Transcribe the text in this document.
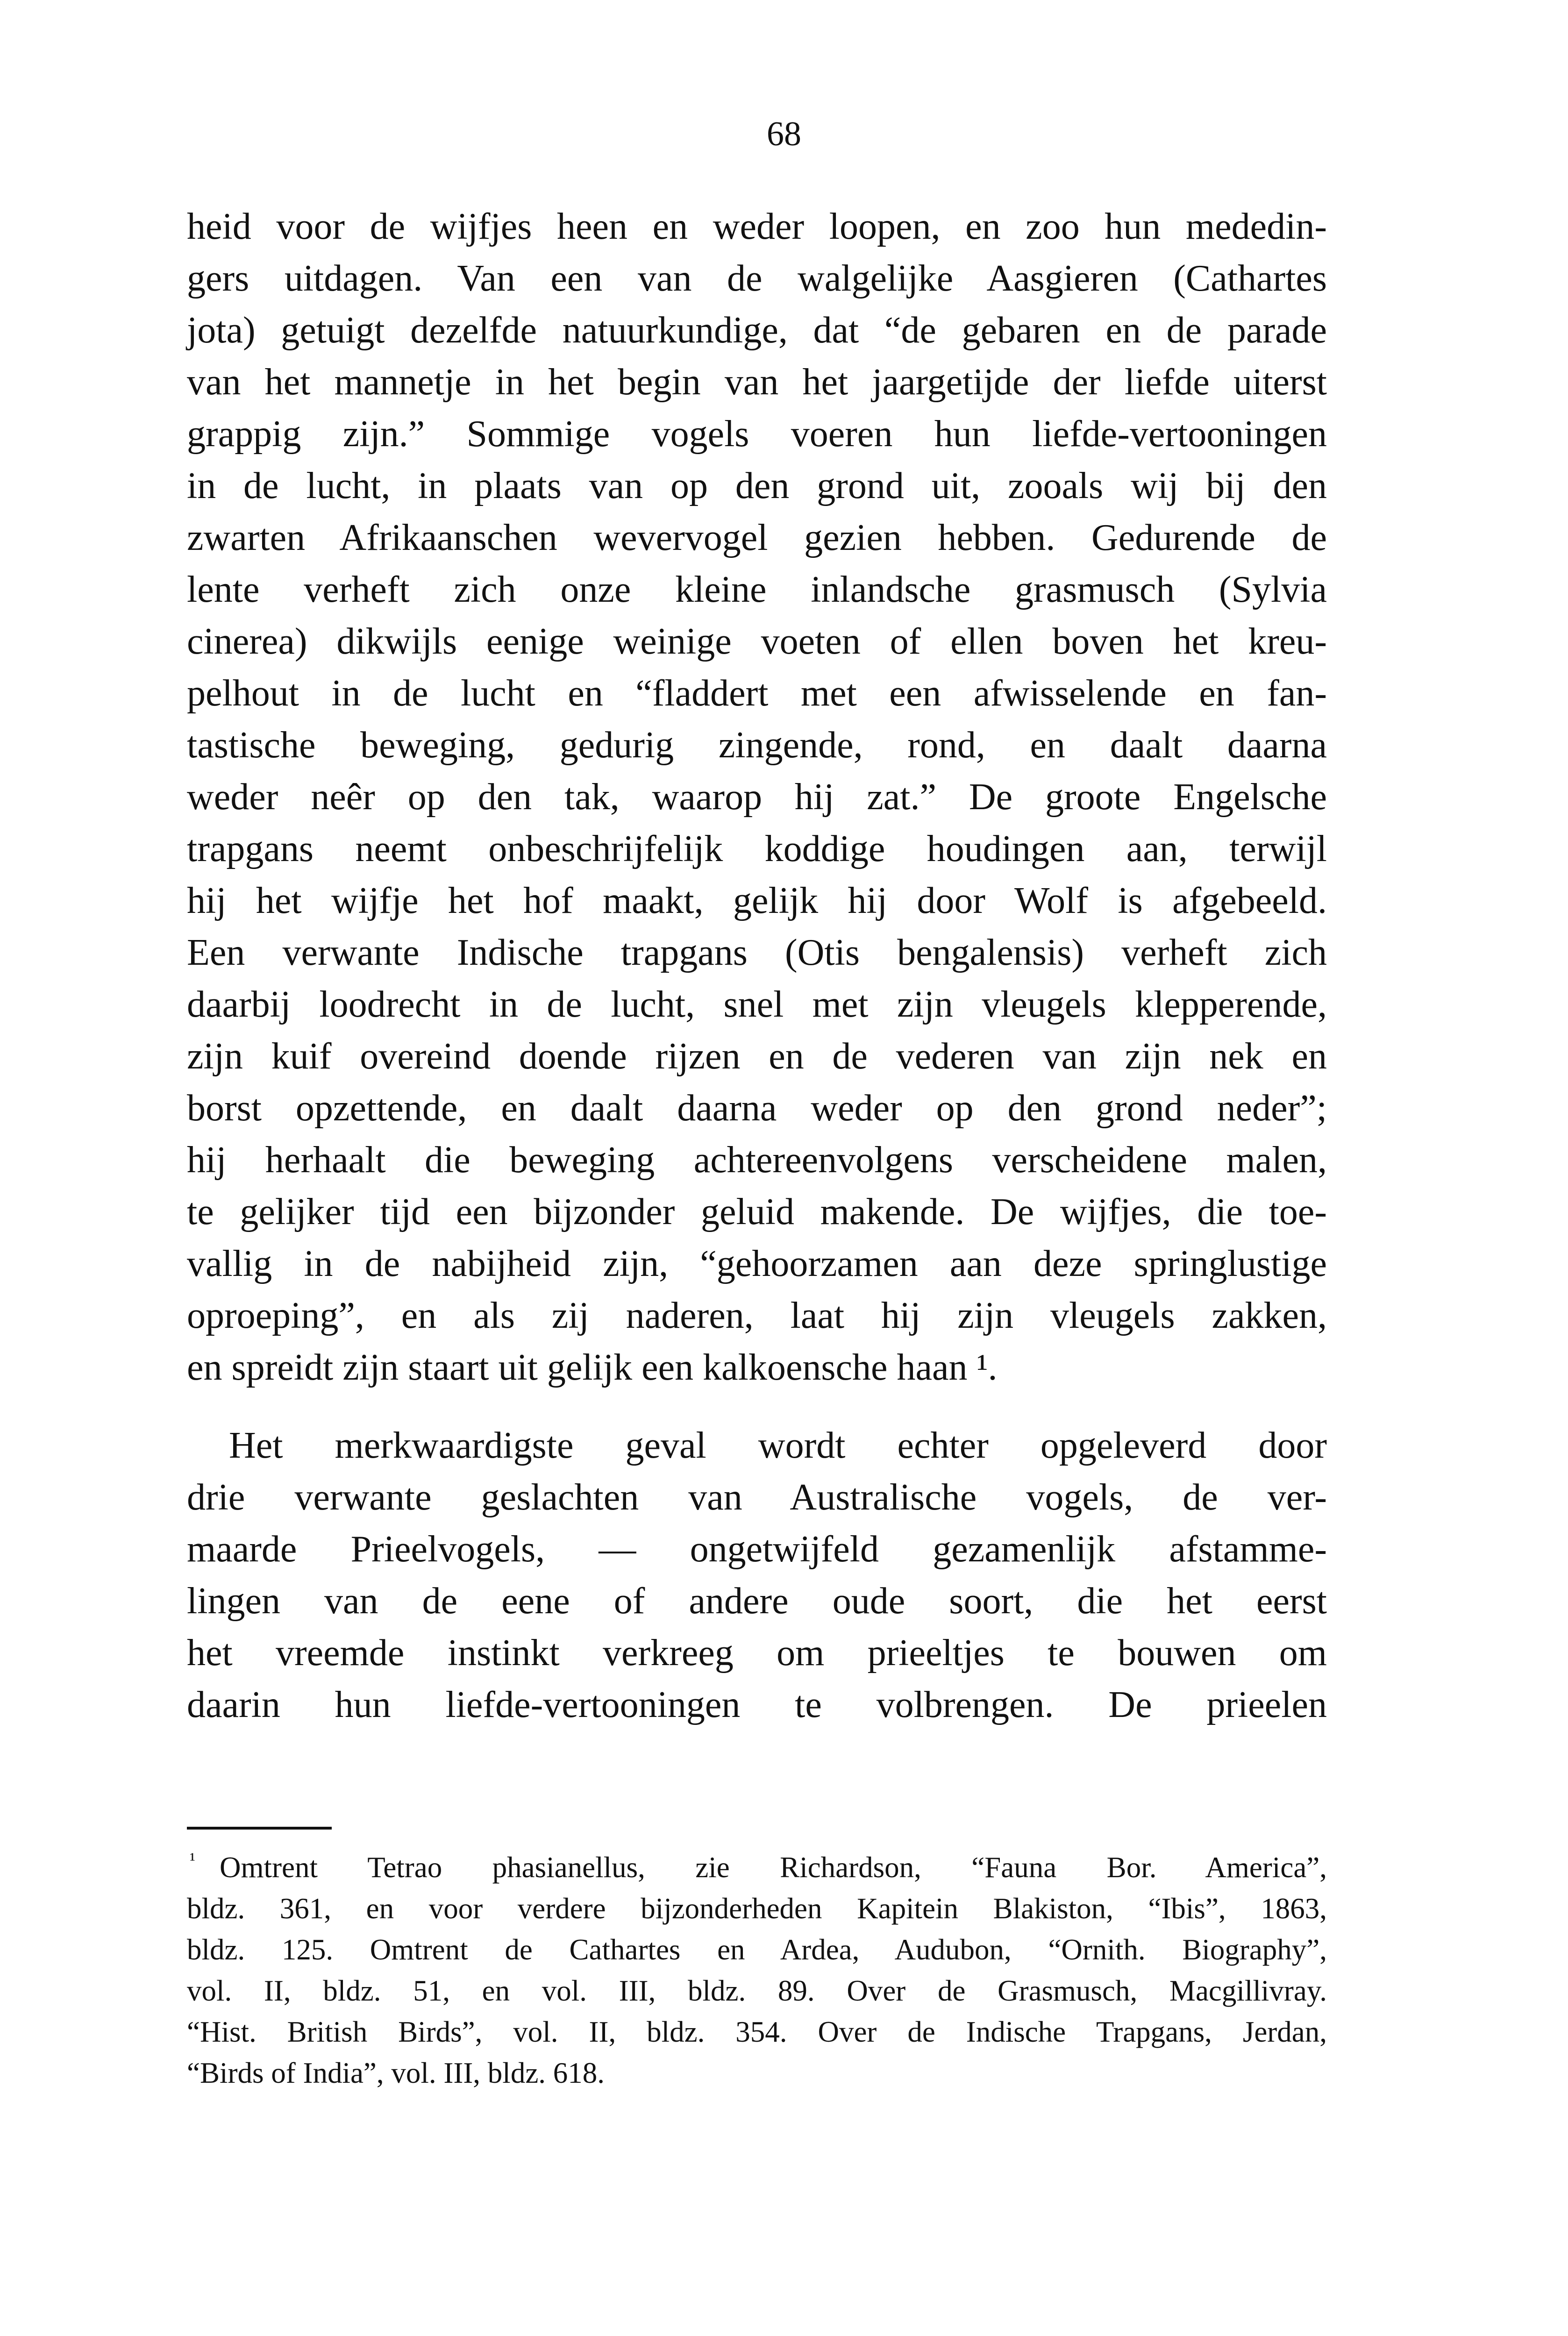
68
heid voor de wijfjes heen en weder loopen, en zoo hun mededin-
gers uitdagen. Van een van de walgelijke Aasgieren (Cathartes
jota) getuigt dezelfde natuurkundige, dat “de gebaren en de parade
van het mannetje in het begin van het jaargetijde der liefde uiterst
grappig zijn.” Sommige vogels voeren hun liefde-vertooningen
in de lucht, in plaats van op den grond uit, zooals wij bij den
zwarten Afrikaanschen wevervogel gezien hebben. Gedurende de
lente verheft zich onze kleine inlandsche grasmusch (Sylvia
cinerea) dikwijls eenige weinige voeten of ellen boven het kreu-
pelhout in de lucht en “fladdert met een afwisselende en fan-
tastische beweging, gedurig zingende, rond, en daalt daarna
weder neêr op den tak, waarop hij zat.” De groote Engelsche
trapgans neemt onbeschrijfelijk koddige houdingen aan, terwijl
hij het wijfje het hof maakt, gelijk hij door Wolf is afgebeeld.
Een verwante Indische trapgans (Otis bengalensis) verheft zich
daarbij loodrecht in de lucht, snel met zijn vleugels klepperende,
zijn kuif overeind doende rijzen en de vederen van zijn nek en
borst opzettende, en daalt daarna weder op den grond neder”;
hij herhaalt die beweging achtereenvolgens verscheidene malen,
te gelijker tijd een bijzonder geluid makende. De wijfjes, die toe-
vallig in de nabijheid zijn, “gehoorzamen aan deze springlustige
oproeping”, en als zij naderen, laat hij zijn vleugels zakken,
en spreidt zijn staart uit gelijk een kalkoensche haan ¹.
Het merkwaardigste geval wordt echter opgeleverd door
drie verwante geslachten van Australische vogels, de ver-
maarde Prieelvogels, — ongetwijfeld gezamenlijk afstamme-
lingen van de eene of andere oude soort, die het eerst
het vreemde instinkt verkreeg om prieeltjes te bouwen om
daarin hun liefde-vertooningen te volbrengen. De prieelen
¹ Omtrent Tetrao phasianellus, zie Richardson, “Fauna Bor. America”,
bldz. 361, en voor verdere bijzonderheden Kapitein Blakiston, “Ibis”, 1863,
bldz. 125. Omtrent de Cathartes en Ardea, Audubon, “Ornith. Biography”,
vol. II, bldz. 51, en vol. III, bldz. 89. Over de Grasmusch, Macgillivray.
“Hist. British Birds”, vol. II, bldz. 354. Over de Indische Trapgans, Jerdan,
“Birds of India”, vol. III, bldz. 618.
